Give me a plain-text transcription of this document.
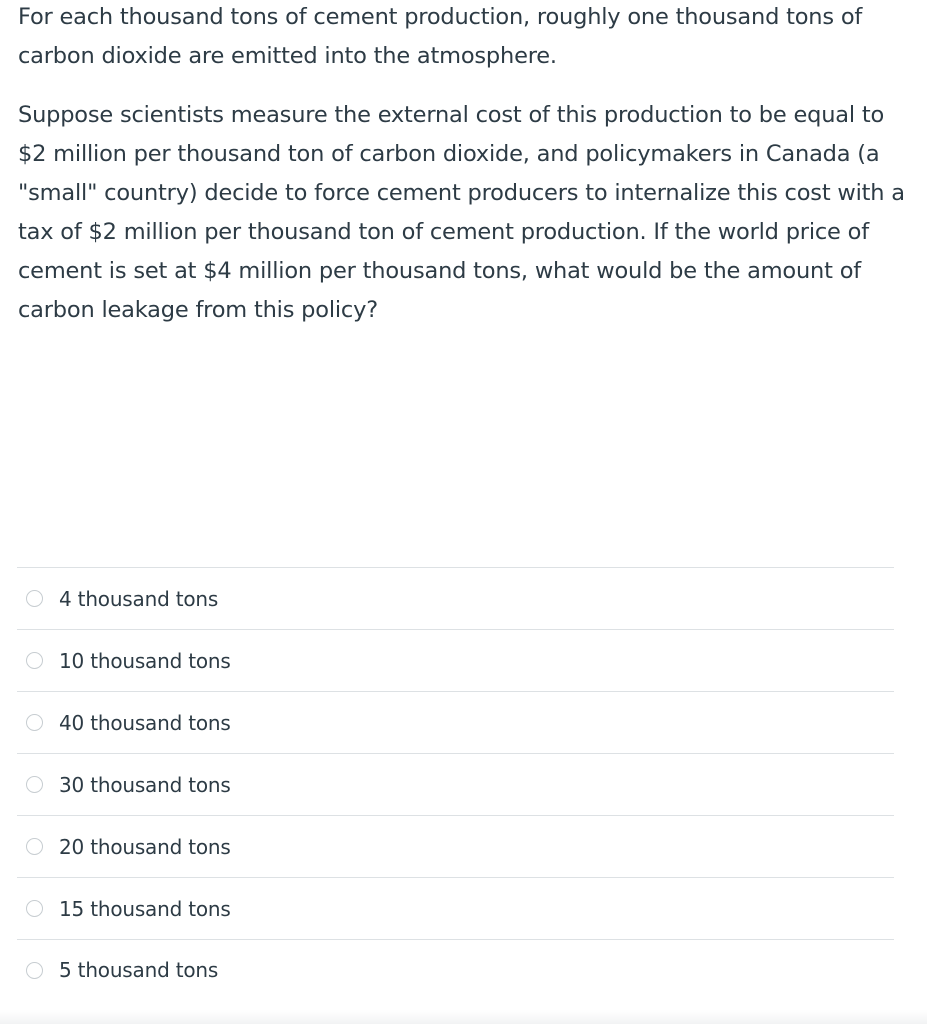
For each thousand tons of cement production, roughly one thousand tons of carbon dioxide are emitted into the atmosphere.

Suppose scientists measure the external cost of this production to be equal to $2 million per thousand ton of carbon dioxide, and policymakers in Canada (a "small" country) decide to force cement producers to internalize this cost with a tax of $2 million per thousand ton of cement production. If the world price of cement is set at $4 million per thousand tons, what would be the amount of carbon leakage from this policy?

4 thousand tons
10 thousand tons
40 thousand tons
30 thousand tons
20 thousand tons
15 thousand tons
5 thousand tons
